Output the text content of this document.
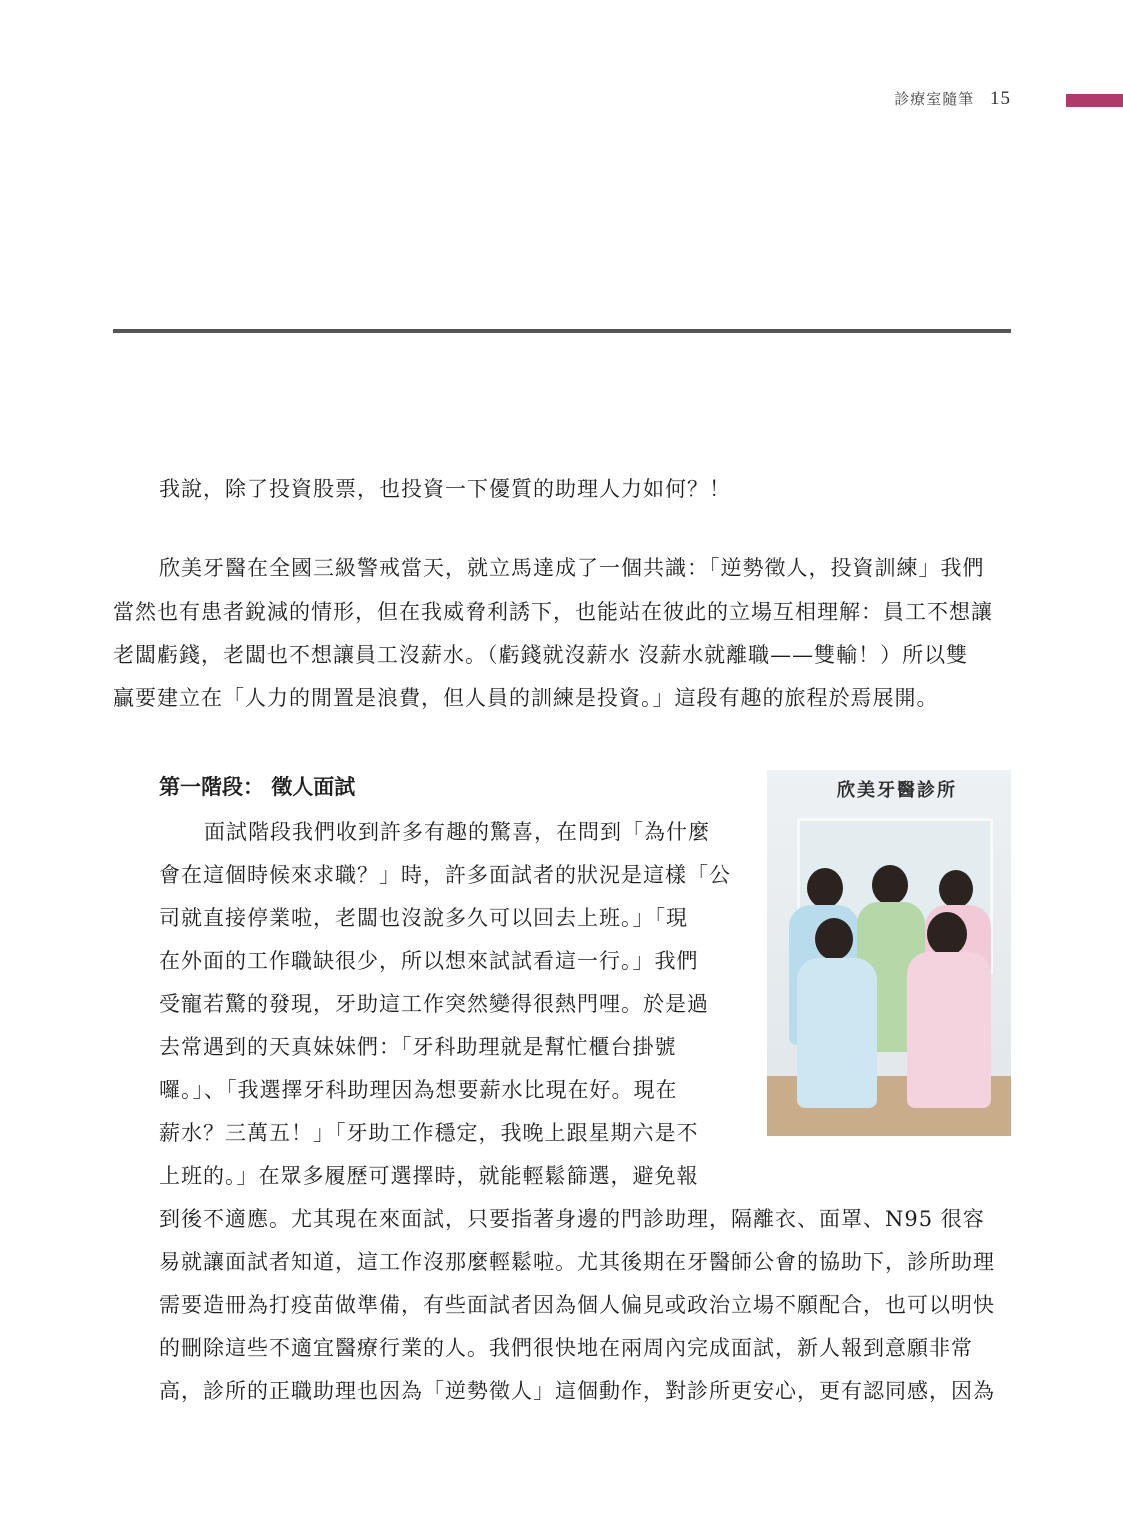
診療室隨筆 15
我說，除了投資股票，也投資一下優質的助理人力如何？！
欣美牙醫在全國三級警戒當天，就立馬達成了一個共識：「逆勢徵人，投資訓練」我們
當然也有患者銳減的情形，但在我威脅利誘下，也能站在彼此的立場互相理解：員工不想讓
老闆虧錢，老闆也不想讓員工沒薪水。（虧錢就沒薪水 沒薪水就離職——雙輸！）所以雙
贏要建立在「人力的閒置是浪費，但人員的訓練是投資。」這段有趣的旅程於焉展開。
第一階段： 徵人面試
面試階段我們收到許多有趣的驚喜，在問到「為什麼
會在這個時候來求職？」時，許多面試者的狀況是這樣「公
司就直接停業啦，老闆也沒說多久可以回去上班。」「現
在外面的工作職缺很少，所以想來試試看這一行。」我們
受寵若驚的發現，牙助這工作突然變得很熱門哩。於是過
去常遇到的天真妹妹們：「牙科助理就是幫忙櫃台掛號
囉。」、「我選擇牙科助理因為想要薪水比現在好。現在
薪水？三萬五！」「牙助工作穩定，我晚上跟星期六是不
上班的。」在眾多履歷可選擇時，就能輕鬆篩選，避免報
到後不適應。尤其現在來面試，只要指著身邊的門診助理，隔離衣、面罩、N95 很容
易就讓面試者知道，這工作沒那麼輕鬆啦。尤其後期在牙醫師公會的協助下，診所助理
需要造冊為打疫苗做準備，有些面試者因為個人偏見或政治立場不願配合，也可以明快
的刪除這些不適宜醫療行業的人。我們很快地在兩周內完成面試，新人報到意願非常
高，診所的正職助理也因為「逆勢徵人」這個動作，對診所更安心，更有認同感，因為
欣美牙醫診所
